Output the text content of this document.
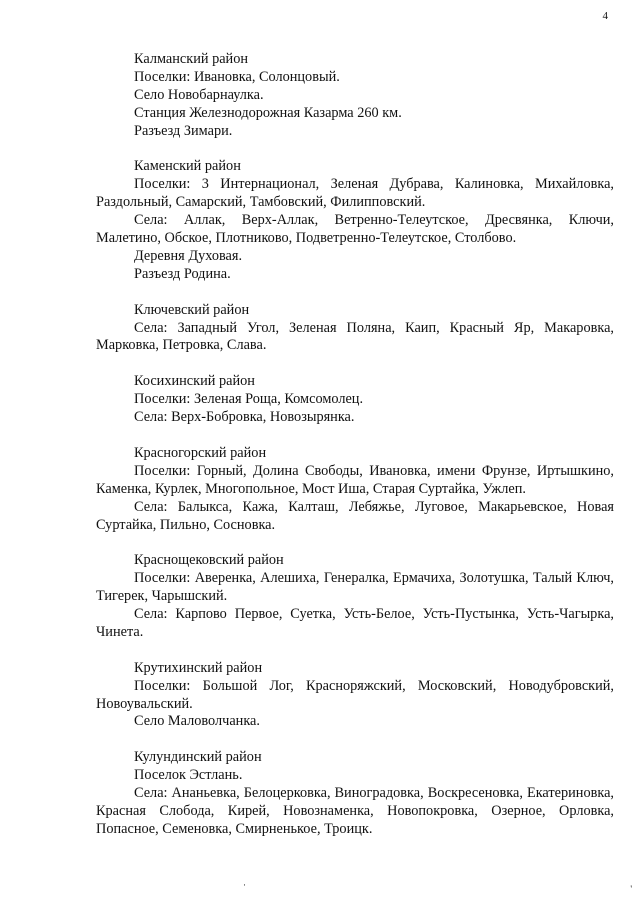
4

Калманский район

Поселки: Ивановка, Солонцовый.

Село Новобарнаулка.

Станция Железнодорожная Казарма 260 км.

Разъезд Зимари.

Каменский район

Поселки: 3 Интернационал, Зеленая Дубрава, Калиновка, Михайловка, Раздольный, Самарский, Тамбовский, Филипповский.

Села: Аллак, Верх-Аллак, Ветренно-Телеутское, Дресвянка, Ключи, Малетино, Обское, Плотниково, Подветренно-Телеутское, Столбово.

Деревня Духовая.

Разъезд Родина.

Ключевский район

Села: Западный Угол, Зеленая Поляна, Каип, Красный Яр, Макаровка, Марковка, Петровка, Слава.

Косихинский район

Поселки: Зеленая Роща, Комсомолец.

Села: Верх-Бобровка, Новозырянка.

Красногорский район

Поселки: Горный, Долина Свободы, Ивановка, имени Фрунзе, Иртышкино, Каменка, Курлек, Многопольное, Мост Иша, Старая Суртайка, Ужлеп.

Села: Балыкса, Кажа, Калташ, Лебяжье, Луговое, Макарьевское, Новая Суртайка, Пильно, Сосновка.

Краснощековский район

Поселки: Аверенка, Алешиха, Генералка, Ермачиха, Золотушка, Талый Ключ, Тигерек, Чарышский.

Села: Карпово Первое, Суетка, Усть-Белое, Усть-Пустынка, Усть-Чагырка, Чинета.

Крутихинский район

Поселки: Большой Лог, Красноряжский, Московский, Новодубровский, Новоувальский.

Село Маловолчанка.

Кулундинский район

Поселок Эстлань.

Села: Ананьевка, Белоцерковка, Виноградовка, Воскресеновка, Екатериновка, Красная Слобода, Кирей, Новознаменка, Новопокровка, Озерное, Орловка, Попасное, Семеновка, Смирненькое, Троицк.

·	'
